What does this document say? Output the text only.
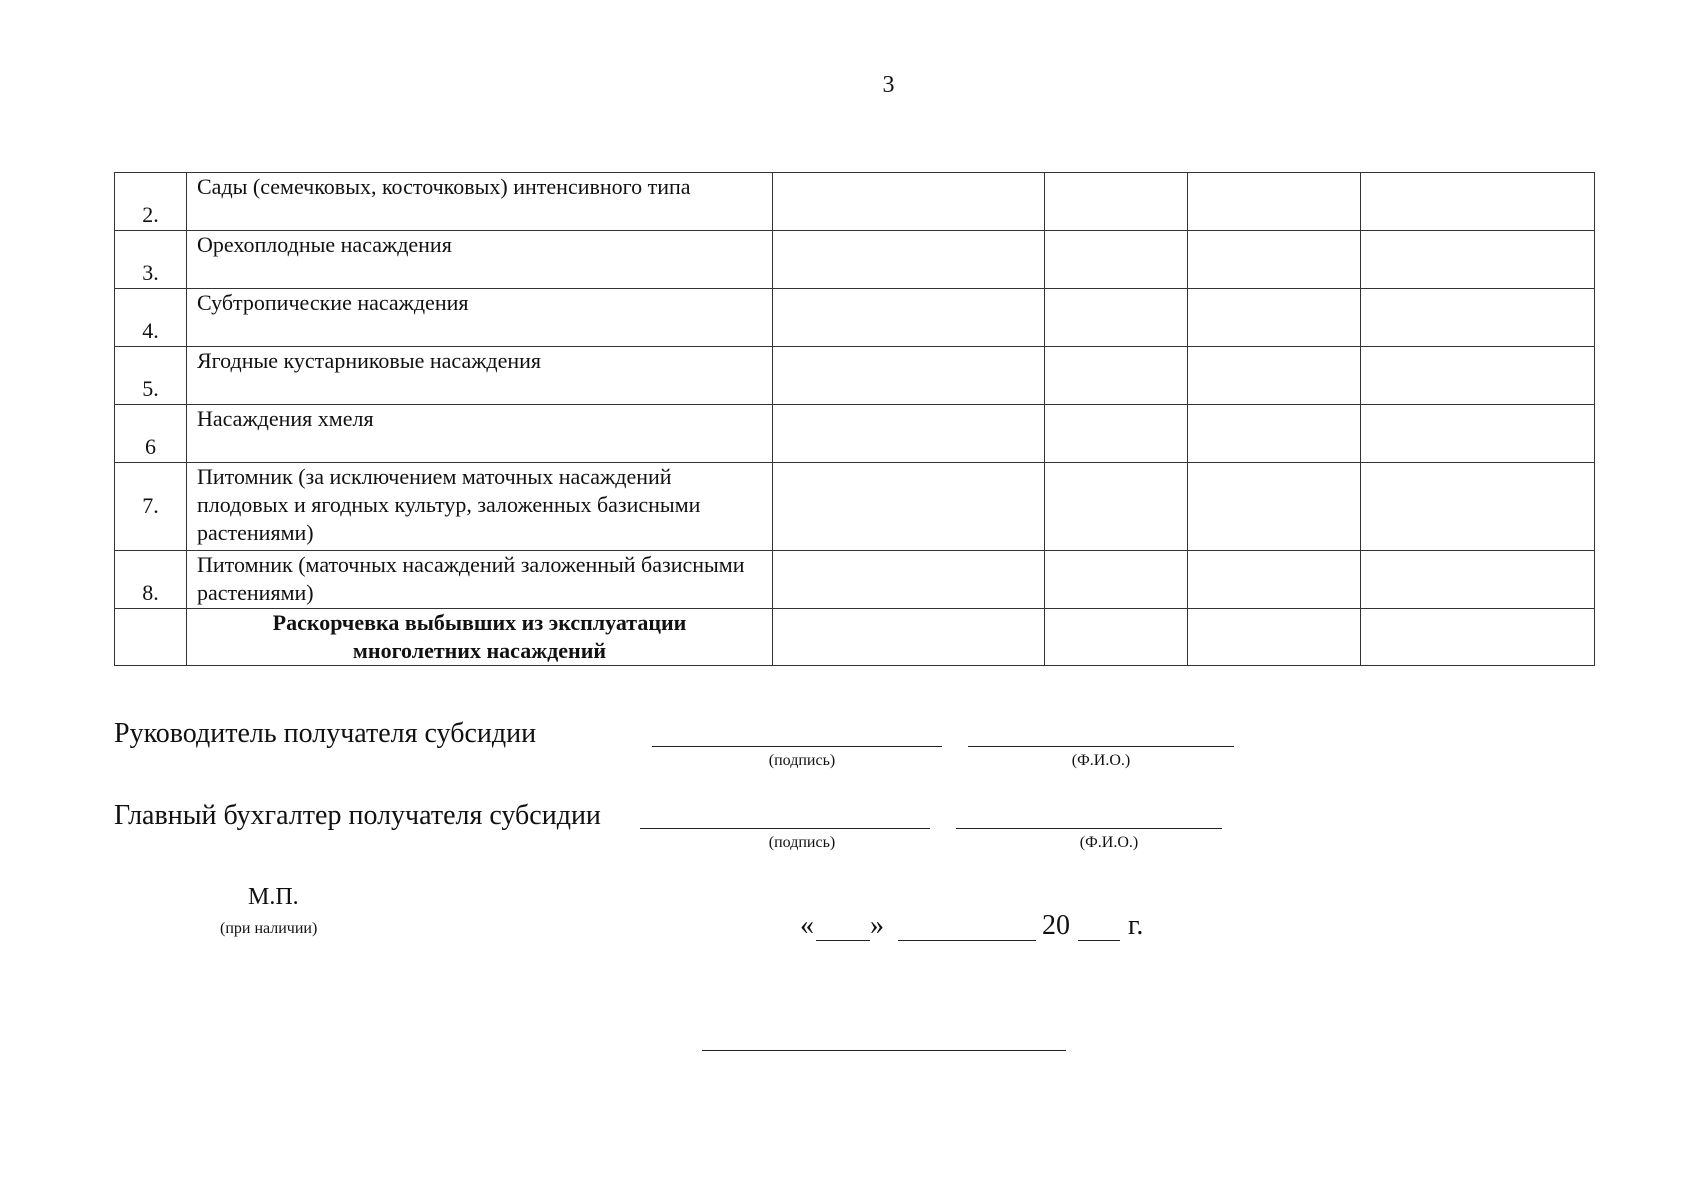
3
2.	Сады (семечковых, косточковых) интенсивного типа				
3.	Орехоплодные насаждения				
4.	Субтропические насаждения				
5.	Ягодные кустарниковые насаждения				
6	Насаждения хмеля				
7.	Питомник (за исключением маточных насаждений плодовых и ягодных культур, заложенных базисными растениями)				
8.	Питомник (маточных насаждений заложенный базисными растениями)				

	Раскорчевка выбывших из эксплуатации
многолетних насаждений				

Руководитель получателя субсидии
(подпись)	(Ф.И.О.)
Главный бухгалтер получателя субсидии
(подпись)	(Ф.И.О.)
М.П.
(при наличии)	« »	20 г.
